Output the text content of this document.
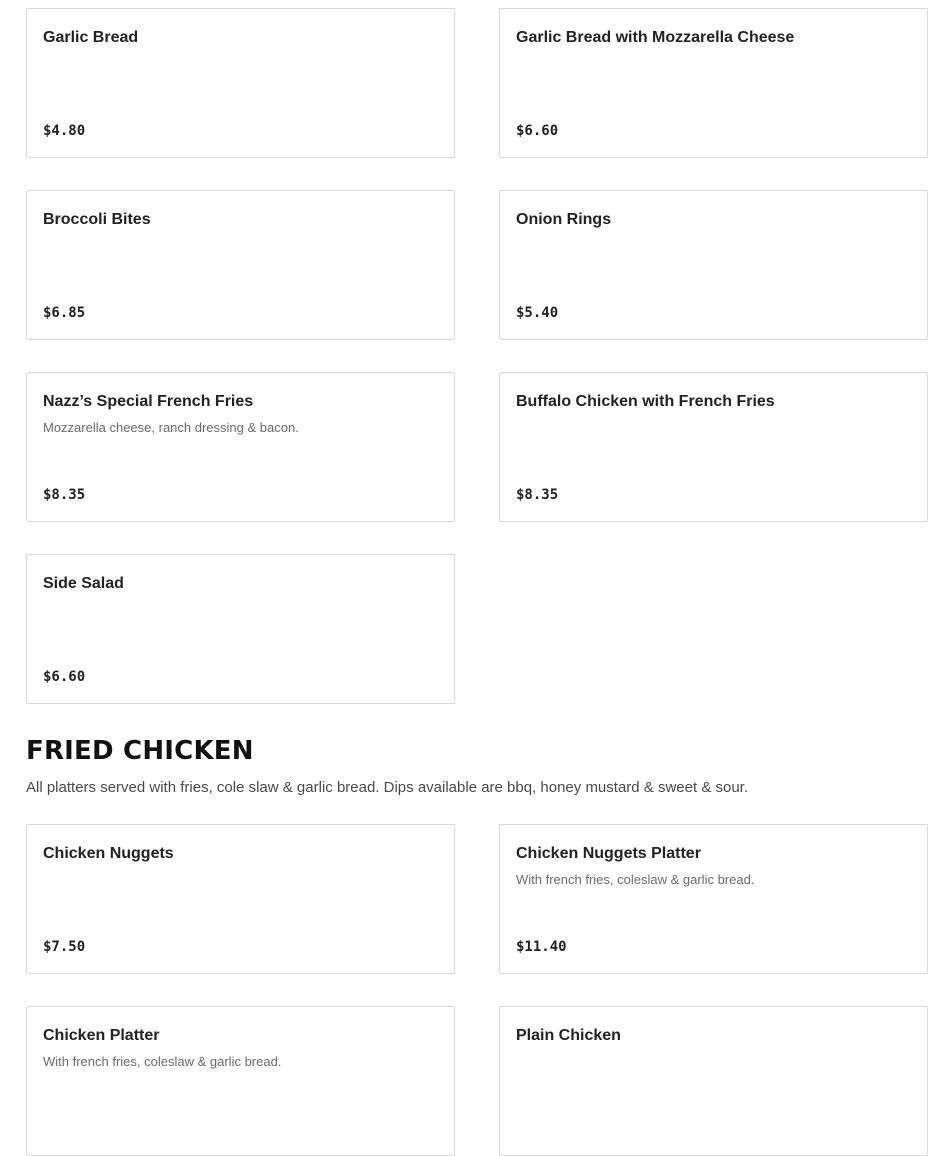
Garlic Bread
$4.80
Garlic Bread with Mozzarella Cheese
$6.60
Broccoli Bites
$6.85
Onion Rings
$5.40
Nazz’s Special French Fries
Mozzarella cheese, ranch dressing & bacon.
$8.35
Buffalo Chicken with French Fries
$8.35
Side Salad
$6.60
FRIED CHICKEN

All platters served with fries, cole slaw & garlic bread. Dips available are bbq, honey mustard & sweet & sour.

Chicken Nuggets
$7.50
Chicken Nuggets Platter
With french fries, coleslaw & garlic bread.
$11.40
Chicken Platter
With french fries, coleslaw & garlic bread.
Plain Chicken
